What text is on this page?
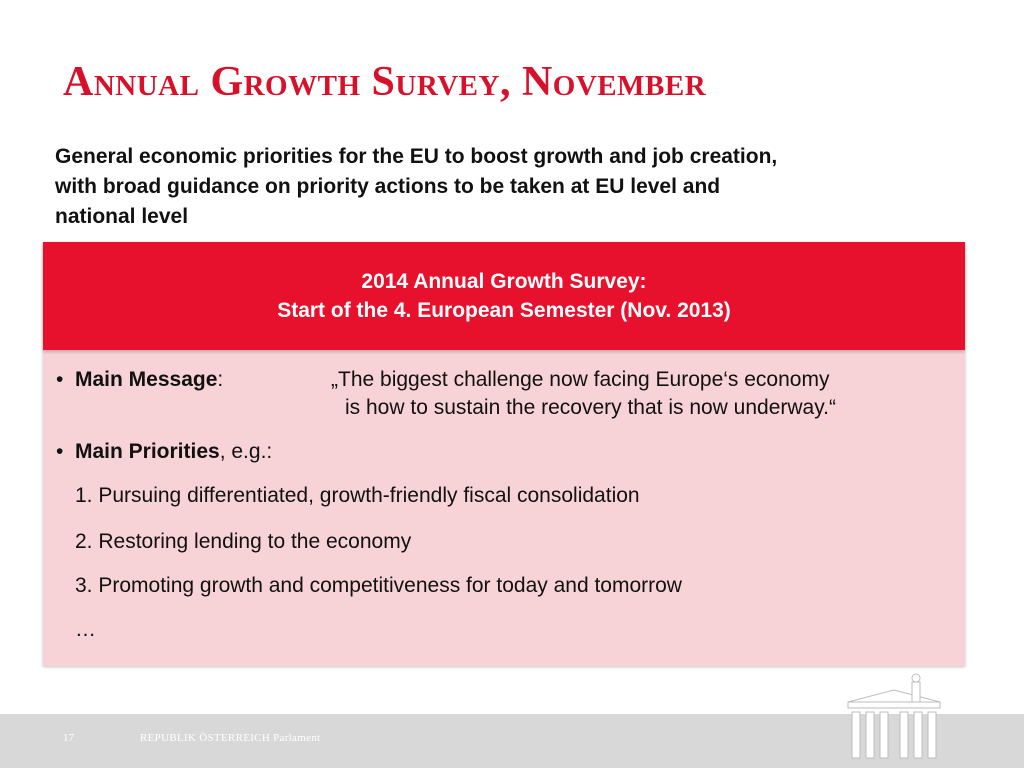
Annual Growth Survey, November
General economic priorities for the EU to boost growth and job creation,
with broad guidance on priority actions to be taken at EU level and
national level
2014 Annual Growth Survey:
Start of the 4. European Semester (Nov. 2013)
• Main Message:	„The biggest challenge now facing Europe‘s economy
is how to sustain the recovery that is now underway.“
• Main Priorities, e.g.:
1. Pursuing differentiated, growth-friendly fiscal consolidation
2. Restoring lending to the economy
3. Promoting growth and competitiveness for today and tomorrow
…
17	REPUBLIK ÖSTERREICH Parlament
